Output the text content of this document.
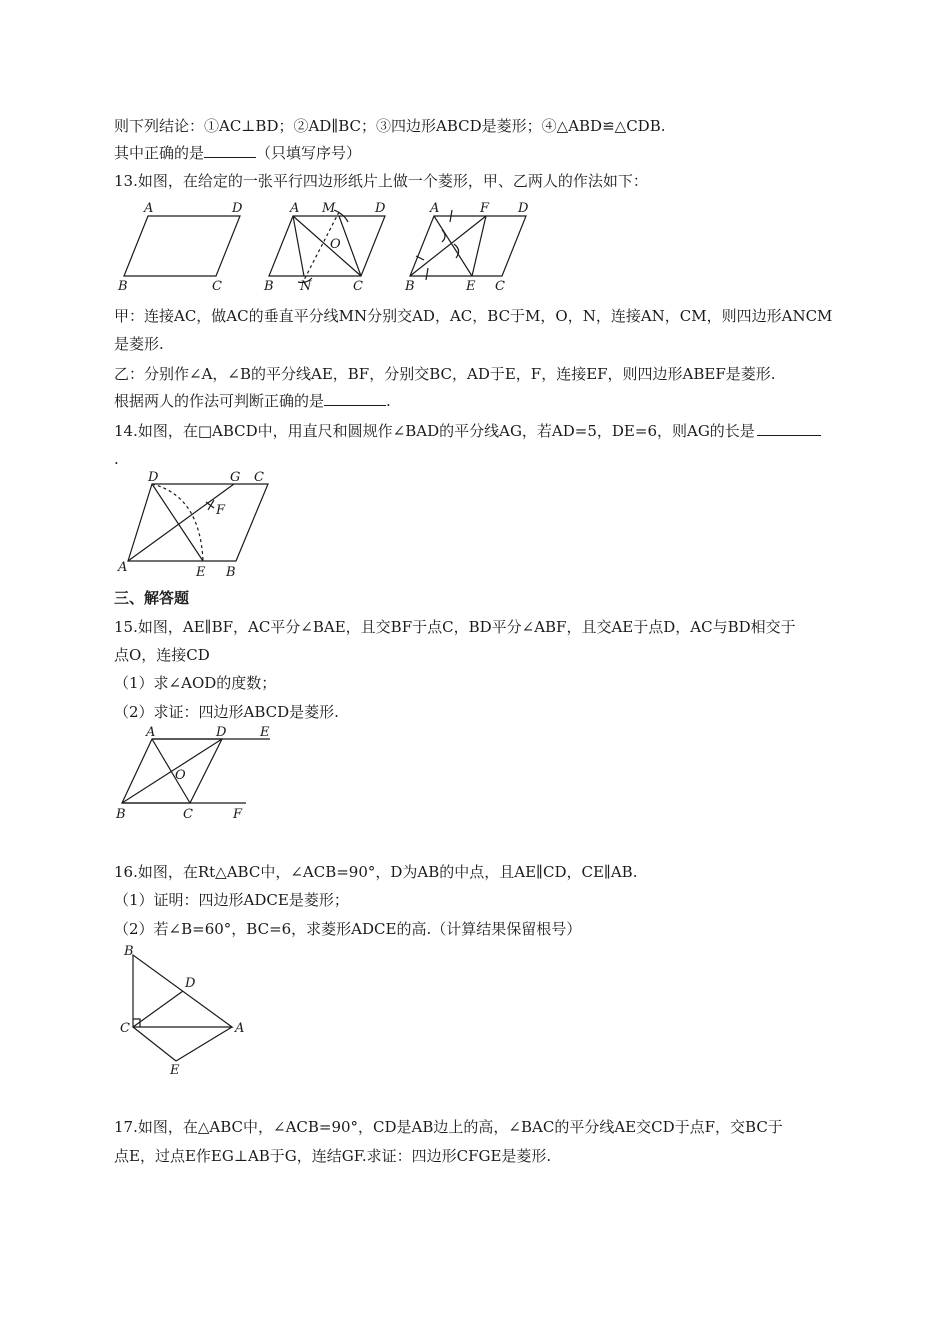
则下列结论：①AC⊥BD；②AD∥BC；③四边形ABCD是菱形；④△ABD≌△CDB.
其中正确的是	（只填写序号）
13.如图，在给定的一张平行四边形纸片上做一个菱形，甲、乙两人的作法如下：
A	D
B	C
A M	D
O
B N	C
A	F D
B	E C
甲：连接AC，做AC的垂直平分线MN分别交AD，AC，BC于M，O，N，连接AN，CM，则四边形ANCM
是菱形.
乙：分别作∠A，∠B的平分线AE，BF，分别交BC，AD于E，F，连接EF，则四边形ABEF是菱形.
根据两人的作法可判断正确的是	.
14.如图，在□ABCD中，用直尺和圆规作∠BAD的平分线AG，若AD=5，DE=6，则AG的长是
.
D	G C
F
A	E B
三、解答题
15.如图，AE∥BF，AC平分∠BAE，且交BF于点C，BD平分∠ABF，且交AE于点D，AC与BD相交于
点O，连接CD
（1）求∠AOD的度数；
（2）求证：四边形ABCD是菱形.
A	D	E
O
B	C	F
16.如图，在Rt△ABC中，∠ACB=90°，D为AB的中点，且AE∥CD，CE∥AB.
（1）证明：四边形ADCE是菱形；
（2）若∠B=60°，BC=6，求菱形ADCE的高.（计算结果保留根号）
B
D
C	A
E
17.如图，在△ABC中，∠ACB=90°，CD是AB边上的高，∠BAC的平分线AE交CD于点F，交BC于
点E，过点E作EG⊥AB于G，连结GF.求证：四边形CFGE是菱形.
